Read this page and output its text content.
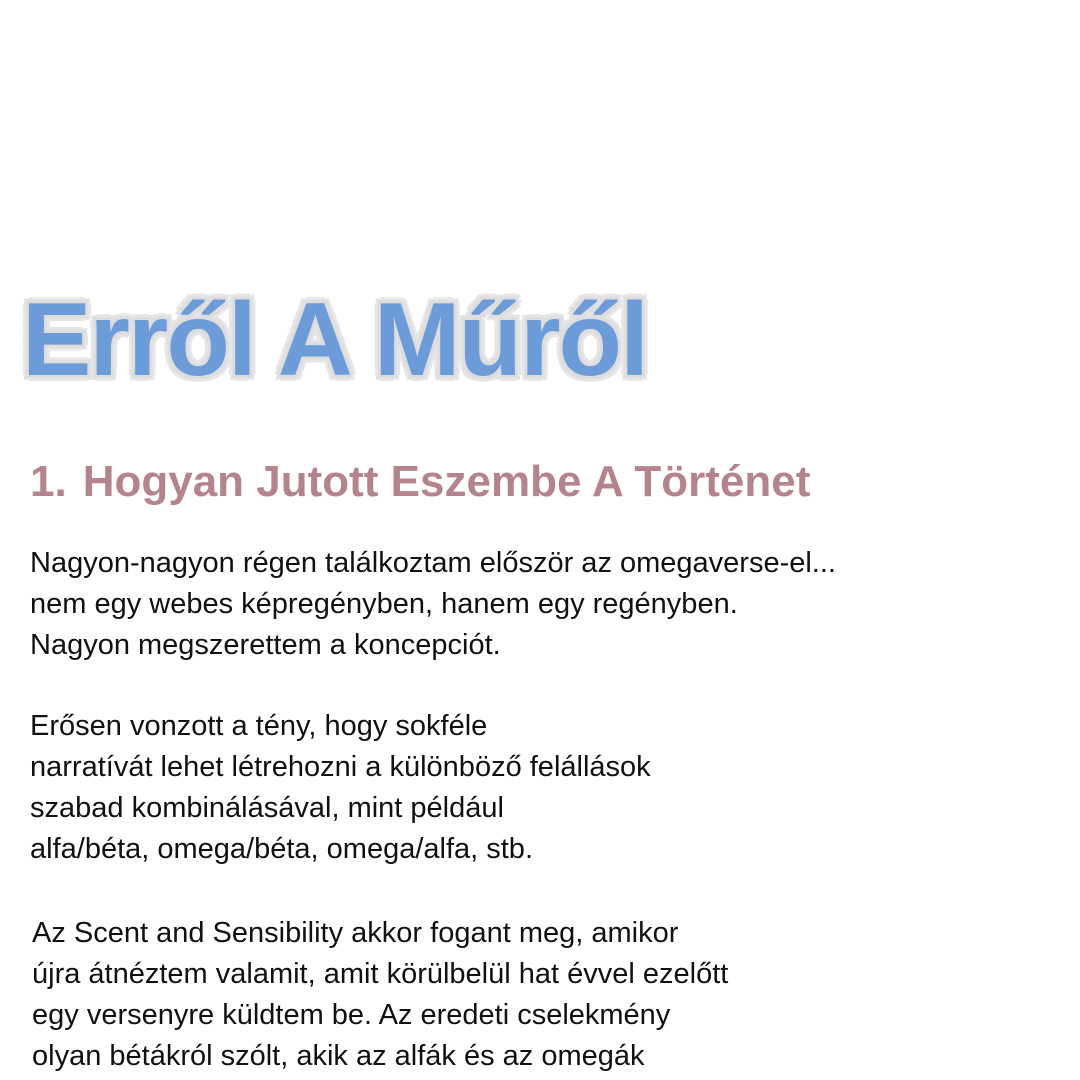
Erről A Műről
1. Hogyan Jutott Eszembe A Történet

Nagyon-nagyon régen találkoztam először az omegaverse-el...
nem egy webes képregényben, hanem egy regényben.
Nagyon megszerettem a koncepciót.

Erősen vonzott a tény, hogy sokféle
narratívát lehet létrehozni a különböző felállások
szabad kombinálásával, mint például
alfa/béta, omega/béta, omega/alfa, stb.

Az Scent and Sensibility akkor fogant meg, amikor
újra átnéztem valamit, amit körülbelül hat évvel ezelőtt
egy versenyre küldtem be. Az eredeti cselekmény
olyan bétákról szólt, akik az alfák és az omegák
